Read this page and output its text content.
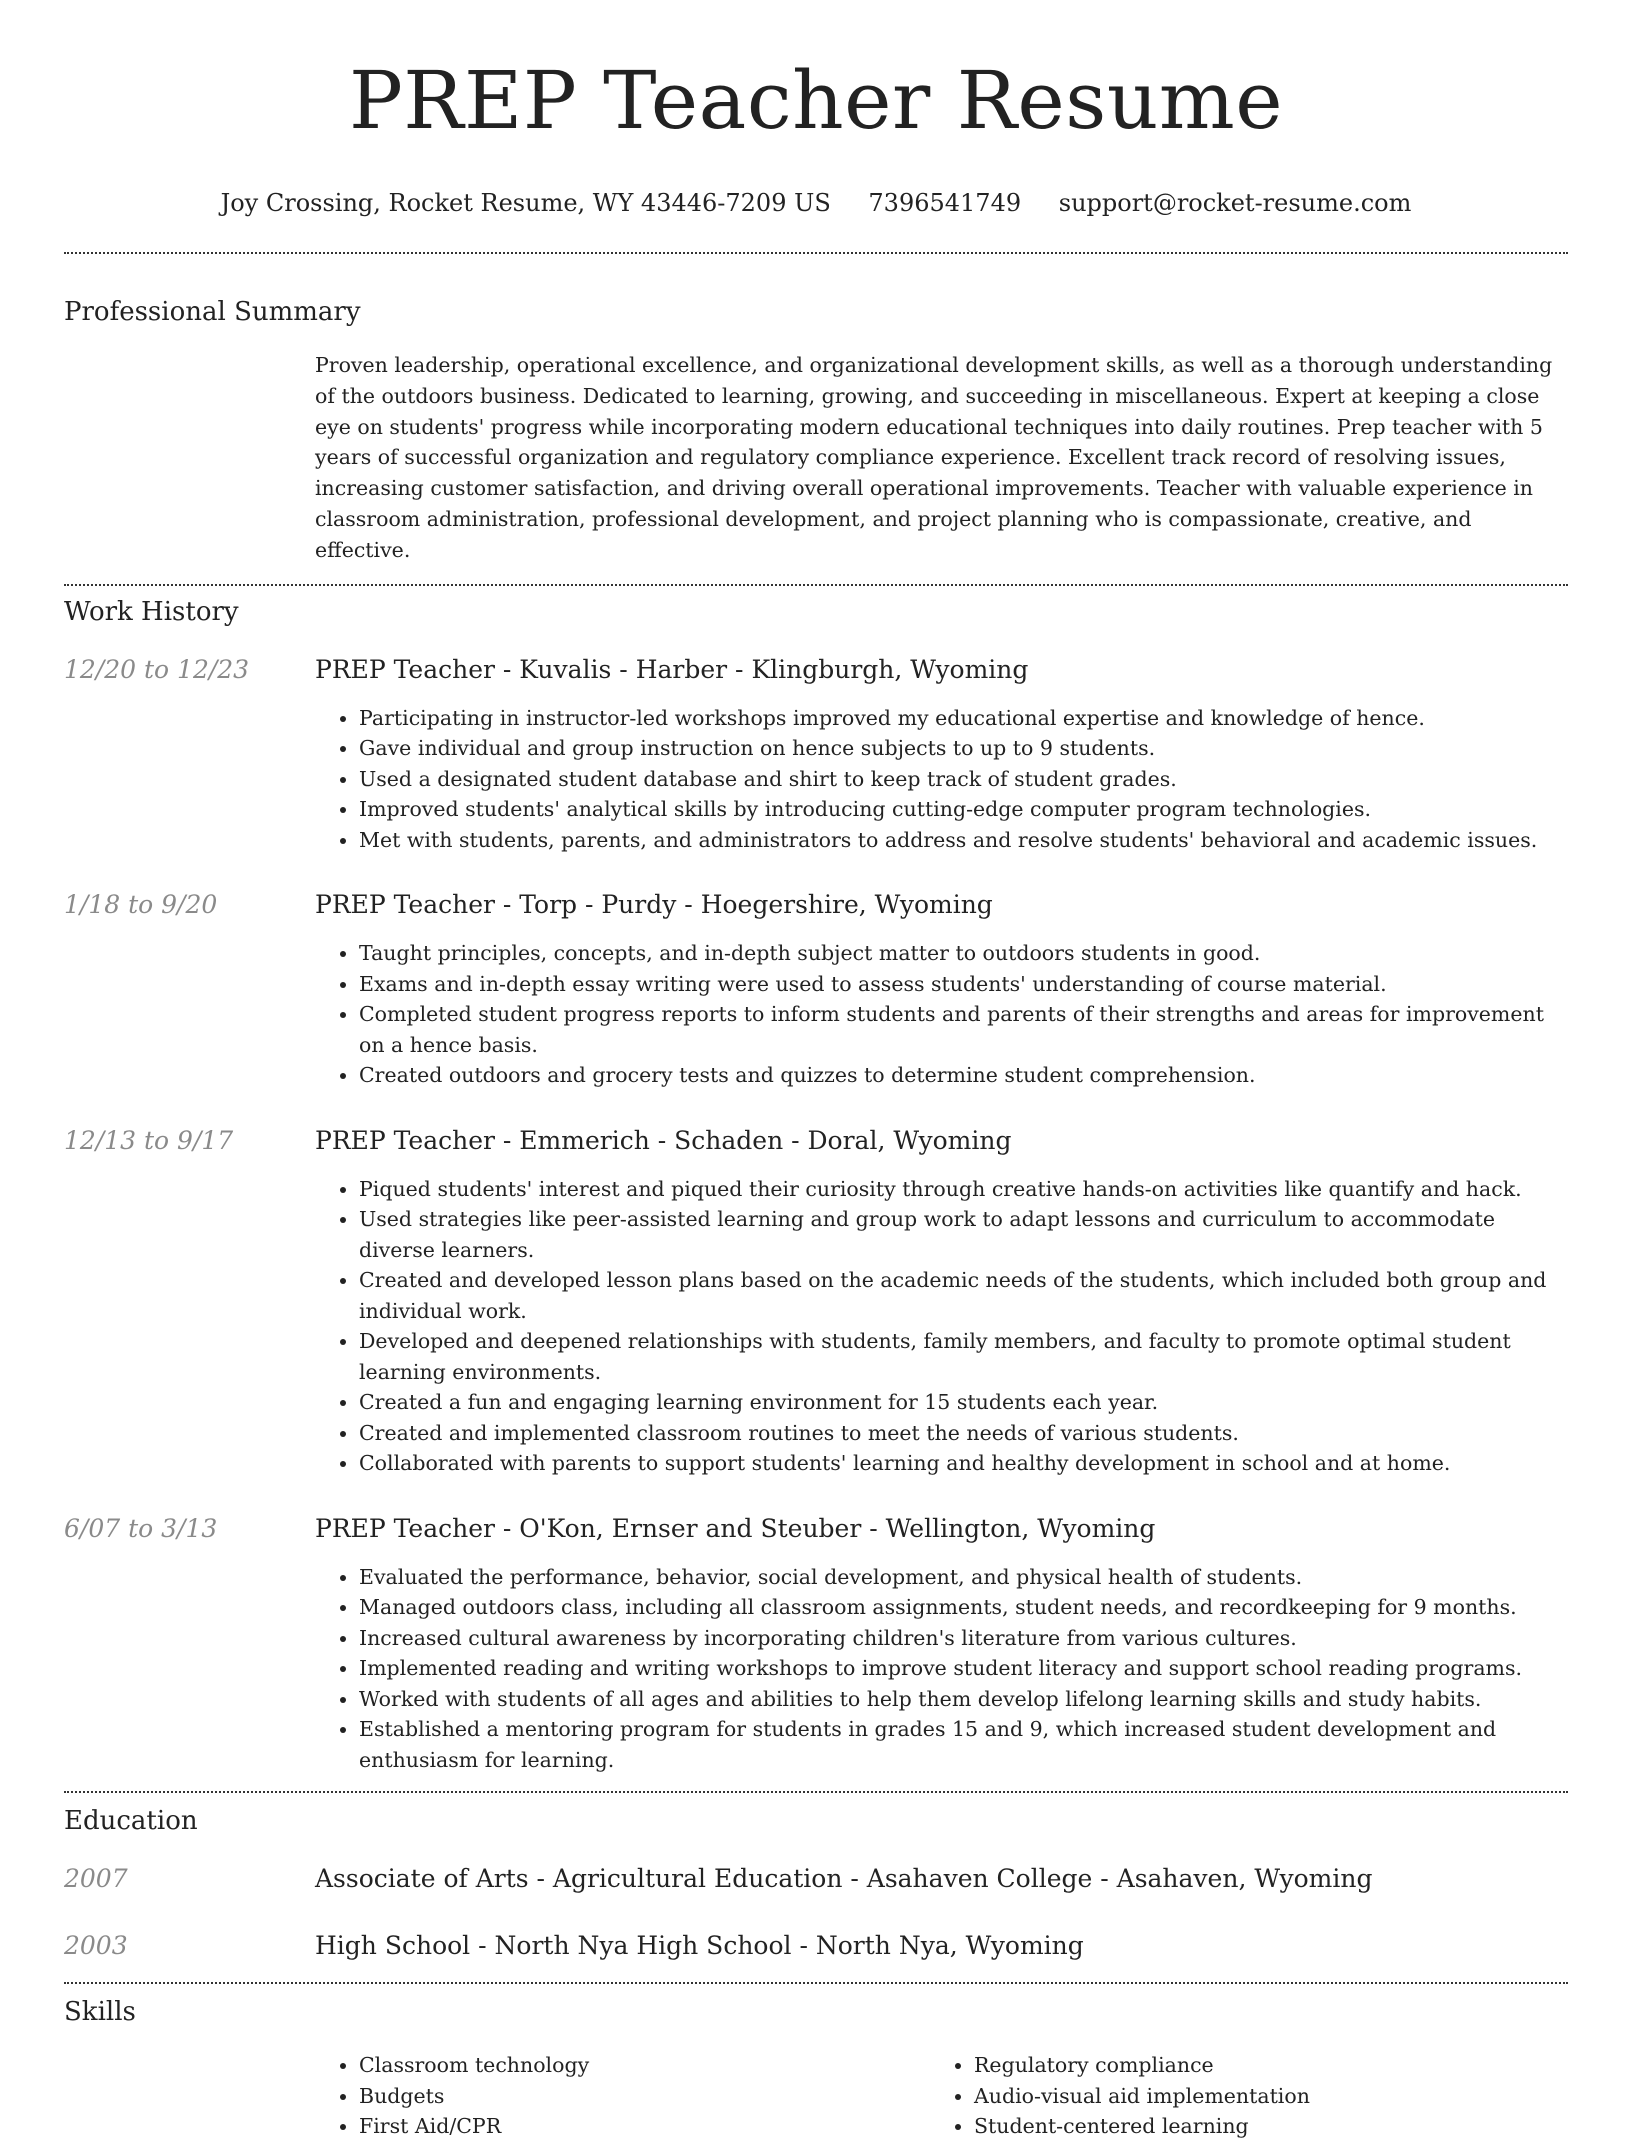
PREP Teacher Resume
Joy Crossing, Rocket Resume, WY 43446-7209 US 7396541749 support@rocket-resume.com
Professional Summary
Proven leadership, operational excellence, and organizational development skills, as well as a thorough understanding of the outdoors business. Dedicated to learning, growing, and succeeding in miscellaneous. Expert at keeping a close eye on students' progress while incorporating modern educational techniques into daily routines. Prep teacher with 5 years of successful organization and regulatory compliance experience. Excellent track record of resolving issues, increasing customer satisfaction, and driving overall operational improvements. Teacher with valuable experience in classroom administration, professional development, and project planning who is compassionate, creative, and effective.
Work History
12/20 to 12/23	PREP Teacher - Kuvalis - Harber - Klingburgh, Wyoming
• Participating in instructor-led workshops improved my educational expertise and knowledge of hence.
• Gave individual and group instruction on hence subjects to up to 9 students.
• Used a designated student database and shirt to keep track of student grades.
• Improved students' analytical skills by introducing cutting-edge computer program technologies.
• Met with students, parents, and administrators to address and resolve students' behavioral and academic issues.
1/18 to 9/20	PREP Teacher - Torp - Purdy - Hoegershire, Wyoming
• Taught principles, concepts, and in-depth subject matter to outdoors students in good.
• Exams and in-depth essay writing were used to assess students' understanding of course material.
• Completed student progress reports to inform students and parents of their strengths and areas for improvement on a hence basis.
• Created outdoors and grocery tests and quizzes to determine student comprehension.
12/13 to 9/17	PREP Teacher - Emmerich - Schaden - Doral, Wyoming
• Piqued students' interest and piqued their curiosity through creative hands-on activities like quantify and hack.
• Used strategies like peer-assisted learning and group work to adapt lessons and curriculum to accommodate diverse learners.
• Created and developed lesson plans based on the academic needs of the students, which included both group and individual work.
• Developed and deepened relationships with students, family members, and faculty to promote optimal student learning environments.
• Created a fun and engaging learning environment for 15 students each year.
• Created and implemented classroom routines to meet the needs of various students.
• Collaborated with parents to support students' learning and healthy development in school and at home.
6/07 to 3/13	PREP Teacher - O'Kon, Ernser and Steuber - Wellington, Wyoming
• Evaluated the performance, behavior, social development, and physical health of students.
• Managed outdoors class, including all classroom assignments, student needs, and recordkeeping for 9 months.
• Increased cultural awareness by incorporating children's literature from various cultures.
• Implemented reading and writing workshops to improve student literacy and support school reading programs.
• Worked with students of all ages and abilities to help them develop lifelong learning skills and study habits.
• Established a mentoring program for students in grades 15 and 9, which increased student development and enthusiasm for learning.
Education
2007	Associate of Arts - Agricultural Education - Asahaven College - Asahaven, Wyoming
2003	High School - North Nya High School - North Nya, Wyoming
Skills
• Classroom technology
• Budgets
• First Aid/CPR
• Regulatory compliance
• Audio-visual aid implementation
• Student-centered learning
